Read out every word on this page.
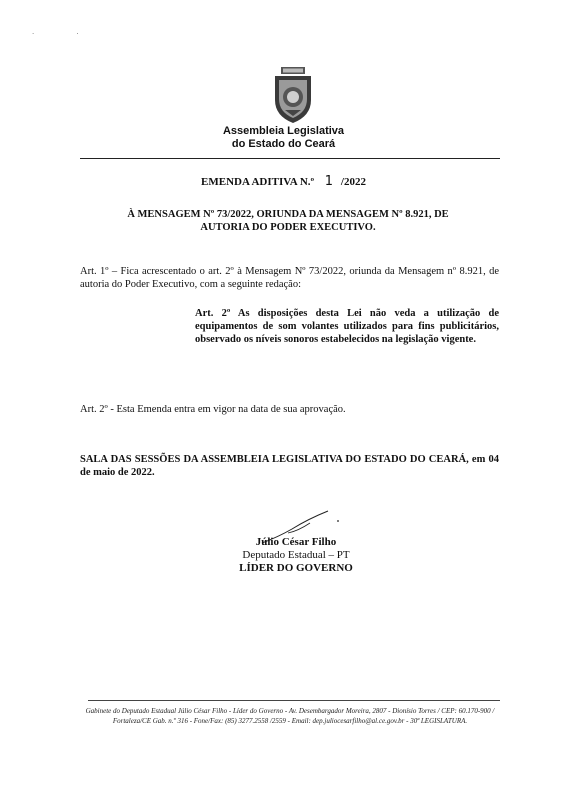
· ·
Assembleia Legislativa
do Estado do Ceará
EMENDA ADITIVA N.º 1 /2022
À MENSAGEM Nº 73/2022, ORIUNDA DA MENSAGEM Nº 8.921, DE AUTORIA DO PODER EXECUTIVO.
Art. 1º – Fica acrescentado o art. 2º à Mensagem Nº 73/2022, oriunda da Mensagem nº 8.921, de autoria do Poder Executivo, com a seguinte redação:
Art. 2º As disposições desta Lei não veda a utilização de equipamentos de som volantes utilizados para fins publicitários, observado os níveis sonoros estabelecidos na legislação vigente.
Art. 2º - Esta Emenda entra em vigor na data de sua aprovação.
SALA DAS SESSÕES DA ASSEMBLEIA LEGISLATIVA DO ESTADO DO CEARÁ, em 04 de maio de 2022.
Júlio César Filho
Deputado Estadual – PT
LÍDER DO GOVERNO
Gabinete do Deputado Estadual Júlio César Filho - Líder do Governo - Av. Desembargador Moreira, 2807 - Dionísio Torres / CEP: 60.170-900 /
Fortaleza/CE Gab. n.º 316 - Fone/Fax: (85) 3277.2558 /2559 - Email: dep.juliocesarfilho@al.ce.gov.br - 30ª LEGISLATURA.
